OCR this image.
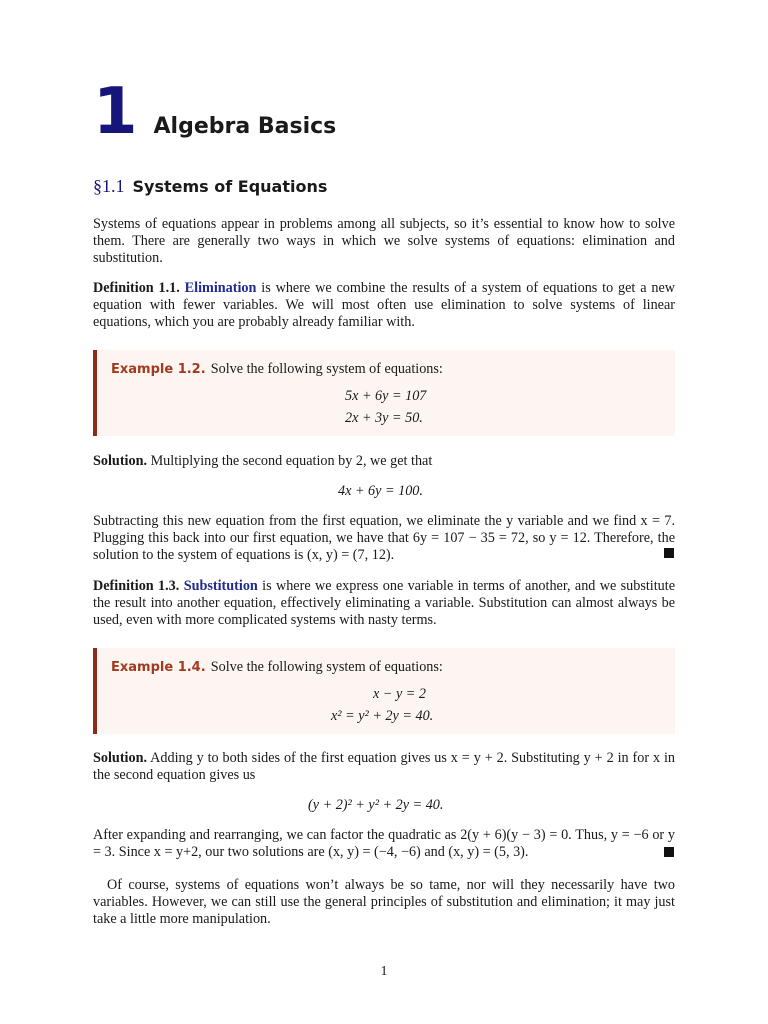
1 Algebra Basics
§1.1 Systems of Equations
Systems of equations appear in problems among all subjects, so it’s essential to know how to solve them. There are generally two ways in which we solve systems of equations: elimination and substitution.
Definition 1.1. Elimination is where we combine the results of a system of equations to get a new equation with fewer variables. We will most often use elimination to solve systems of linear equations, which you are probably already familiar with.
Example 1.2. Solve the following system of equations:
5x + 6y = 107
2x + 3y = 50.
Solution. Multiplying the second equation by 2, we get that
4x + 6y = 100.
Subtracting this new equation from the first equation, we eliminate the y variable and we find x = 7. Plugging this back into our first equation, we have that 6y = 107 − 35 = 72, so y = 12. Therefore, the solution to the system of equations is (x, y) = (7, 12).
Definition 1.3. Substitution is where we express one variable in terms of another, and we substitute the result into another equation, effectively eliminating a variable. Substitution can almost always be used, even with more complicated systems with nasty terms.
Example 1.4. Solve the following system of equations:
x − y = 2
x² = y² + 2y = 40.
Solution. Adding y to both sides of the first equation gives us x = y + 2. Substituting y + 2 in for x in the second equation gives us
(y + 2)² + y² + 2y = 40.
After expanding and rearranging, we can factor the quadratic as 2(y + 6)(y − 3) = 0. Thus, y = −6 or y = 3. Since x = y+2, our two solutions are (x, y) = (−4, −6) and (x, y) = (5, 3).
Of course, systems of equations won’t always be so tame, nor will they necessarily have two variables. However, we can still use the general principles of substitution and elimination; it may just take a little more manipulation.
1
